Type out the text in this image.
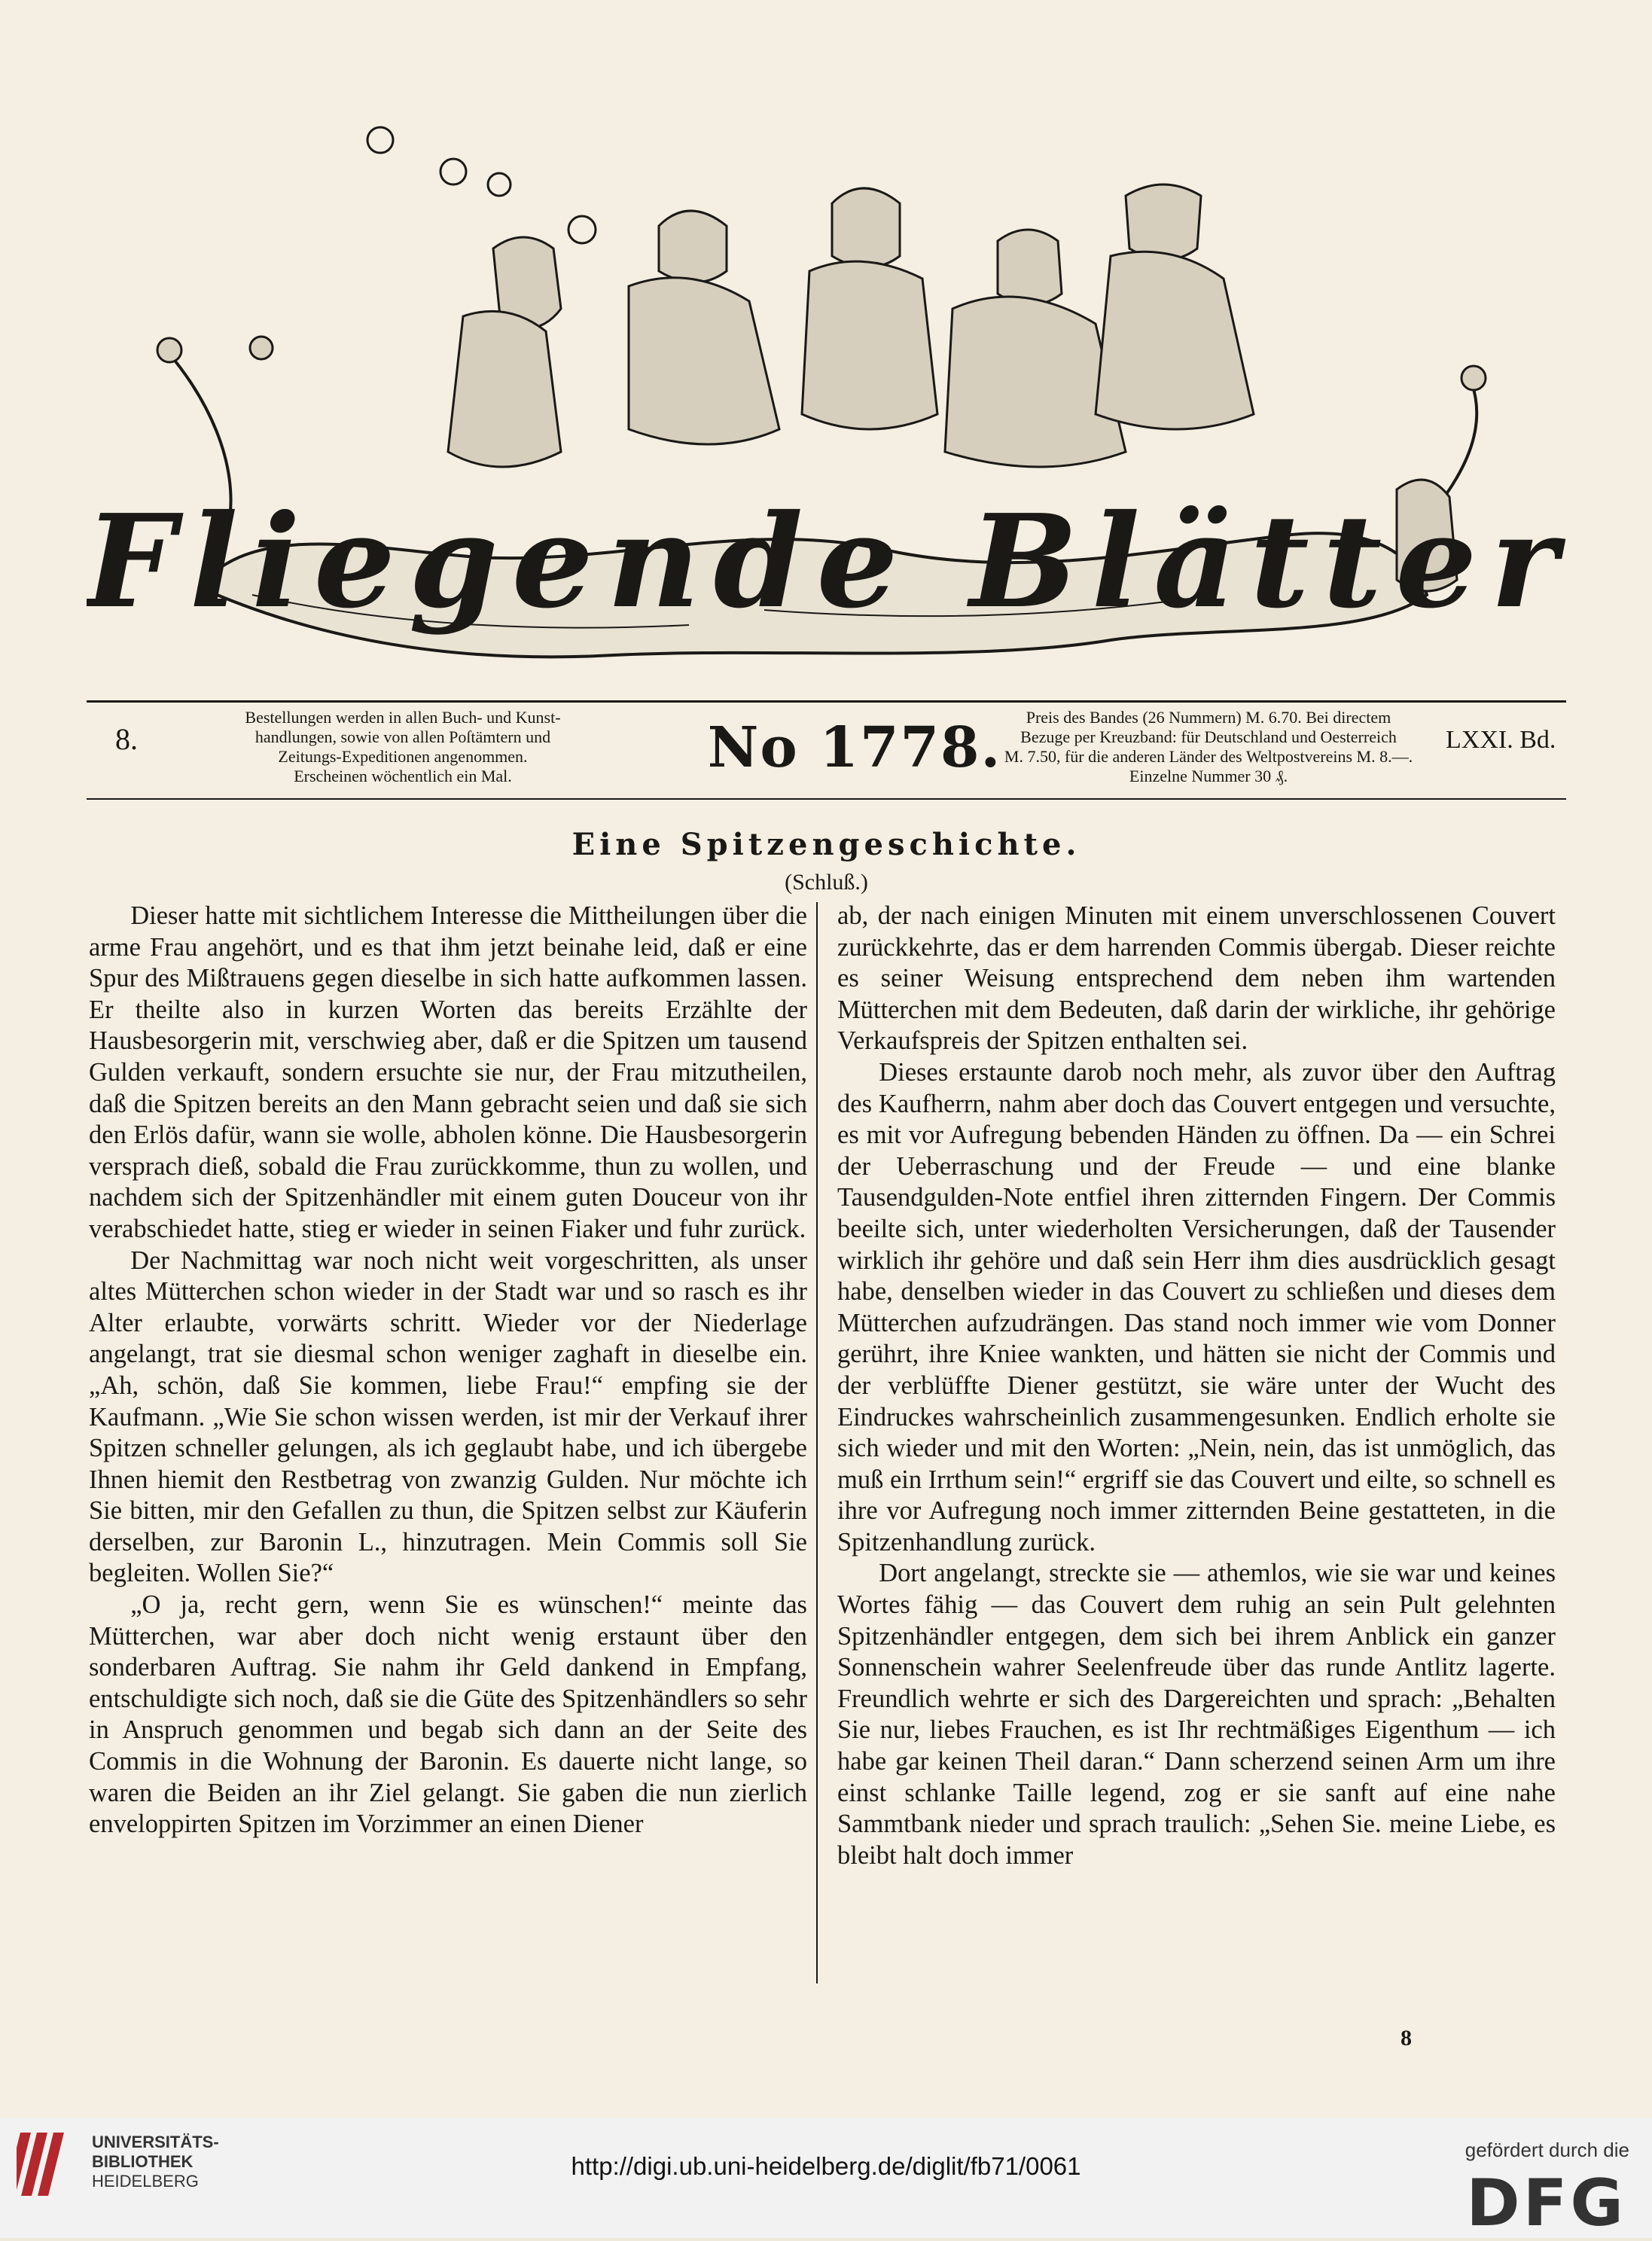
Fliegende Blätter
8.
Bestellungen werden in allen Buch- und Kunst-
handlungen, sowie von allen Poſtämtern und
Zeitungs-Expeditionen angenommen.
Erscheinen wöchentlich ein Mal.	No 1778.	Preis des Bandes (26 Nummern) M. 6.70. Bei directem
Bezuge per Kreuzband: für Deutschland und Oesterreich
M. 7.50, für die anderen Länder des Weltpostvereins M. 8.—.
Einzelne Nummer 30 ₰.
LXXI. Bd.
Eine Spitzengeschichte.
(Schluß.)

Dieser hatte mit sichtlichem Interesse die Mittheilungen über die arme Frau angehört, und es that ihm jetzt beinahe leid, daß er eine Spur des Mißtrauens gegen dieselbe in sich hatte aufkommen lassen. Er theilte also in kurzen Worten das bereits Erzählte der Hausbesorgerin mit, verschwieg aber, daß er die Spitzen um tausend Gulden verkauft, sondern ersuchte sie nur, der Frau mitzutheilen, daß die Spitzen bereits an den Mann gebracht seien und daß sie sich den Erlös dafür, wann sie wolle, abholen könne. Die Hausbesorgerin versprach dieß, sobald die Frau zurückkomme, thun zu wollen, und nachdem sich der Spitzenhändler mit einem guten Douceur von ihr verabschiedet hatte, stieg er wieder in seinen Fiaker und fuhr zurück.

Der Nachmittag war noch nicht weit vorgeschritten, als unser altes Mütterchen schon wieder in der Stadt war und so rasch es ihr Alter erlaubte, vorwärts schritt. Wieder vor der Niederlage angelangt, trat sie diesmal schon weniger zaghaft in dieselbe ein. „Ah, schön, daß Sie kommen, liebe Frau!“ empfing sie der Kaufmann. „Wie Sie schon wissen werden, ist mir der Verkauf ihrer Spitzen schneller gelungen, als ich geglaubt habe, und ich übergebe Ihnen hiemit den Restbetrag von zwanzig Gulden. Nur möchte ich Sie bitten, mir den Gefallen zu thun, die Spitzen selbst zur Käuferin derselben, zur Baronin L., hinzutragen. Mein Commis soll Sie begleiten. Wollen Sie?“

„O ja, recht gern, wenn Sie es wünschen!“ meinte das Mütterchen, war aber doch nicht wenig erstaunt über den sonderbaren Auftrag. Sie nahm ihr Geld dankend in Empfang, entschuldigte sich noch, daß sie die Güte des Spitzenhändlers so sehr in Anspruch genommen und begab sich dann an der Seite des Commis in die Wohnung der Baronin. Es dauerte nicht lange, so waren die Beiden an ihr Ziel gelangt. Sie gaben die nun zierlich enveloppirten Spitzen im Vorzimmer an einen Diener

ab, der nach einigen Minuten mit einem unverschlossenen Couvert zurückkehrte, das er dem harrenden Commis übergab. Dieser reichte es seiner Weisung entsprechend dem neben ihm wartenden Mütterchen mit dem Bedeuten, daß darin der wirkliche, ihr gehörige Verkaufspreis der Spitzen enthalten sei.

Dieses erstaunte darob noch mehr, als zuvor über den Auftrag des Kaufherrn, nahm aber doch das Couvert entgegen und versuchte, es mit vor Aufregung bebenden Händen zu öffnen. Da — ein Schrei der Ueberraschung und der Freude — und eine blanke Tausendgulden-Note entfiel ihren zitternden Fingern. Der Commis beeilte sich, unter wiederholten Versicherungen, daß der Tausender wirklich ihr gehöre und daß sein Herr ihm dies ausdrücklich gesagt habe, denselben wieder in das Couvert zu schließen und dieses dem Mütterchen aufzudrängen. Das stand noch immer wie vom Donner gerührt, ihre Kniee wankten, und hätten sie nicht der Commis und der verblüffte Diener gestützt, sie wäre unter der Wucht des Eindruckes wahrscheinlich zusammengesunken. Endlich erholte sie sich wieder und mit den Worten: „Nein, nein, das ist unmöglich, das muß ein Irrthum sein!“ ergriff sie das Couvert und eilte, so schnell es ihre vor Aufregung noch immer zitternden Beine gestatteten, in die Spitzenhandlung zurück.

Dort angelangt, streckte sie — athemlos, wie sie war und keines Wortes fähig — das Couvert dem ruhig an sein Pult gelehnten Spitzenhändler entgegen, dem sich bei ihrem Anblick ein ganzer Sonnenschein wahrer Seelenfreude über das runde Antlitz lagerte. Freundlich wehrte er sich des Dargereichten und sprach: „Behalten Sie nur, liebes Frauchen, es ist Ihr rechtmäßiges Eigenthum — ich habe gar keinen Theil daran.“ Dann scherzend seinen Arm um ihre einst schlanke Taille legend, zog er sie sanft auf eine nahe Sammtbank nieder und sprach traulich: „Sehen Sie. meine Liebe, es bleibt halt doch immer

8
UNIVERSITÄTS-
BIBLIOTHEK
HEIDELBERG
http://digi.ub.uni-heidelberg.de/diglit/fb71/0061
gefördert durch die
DFG
